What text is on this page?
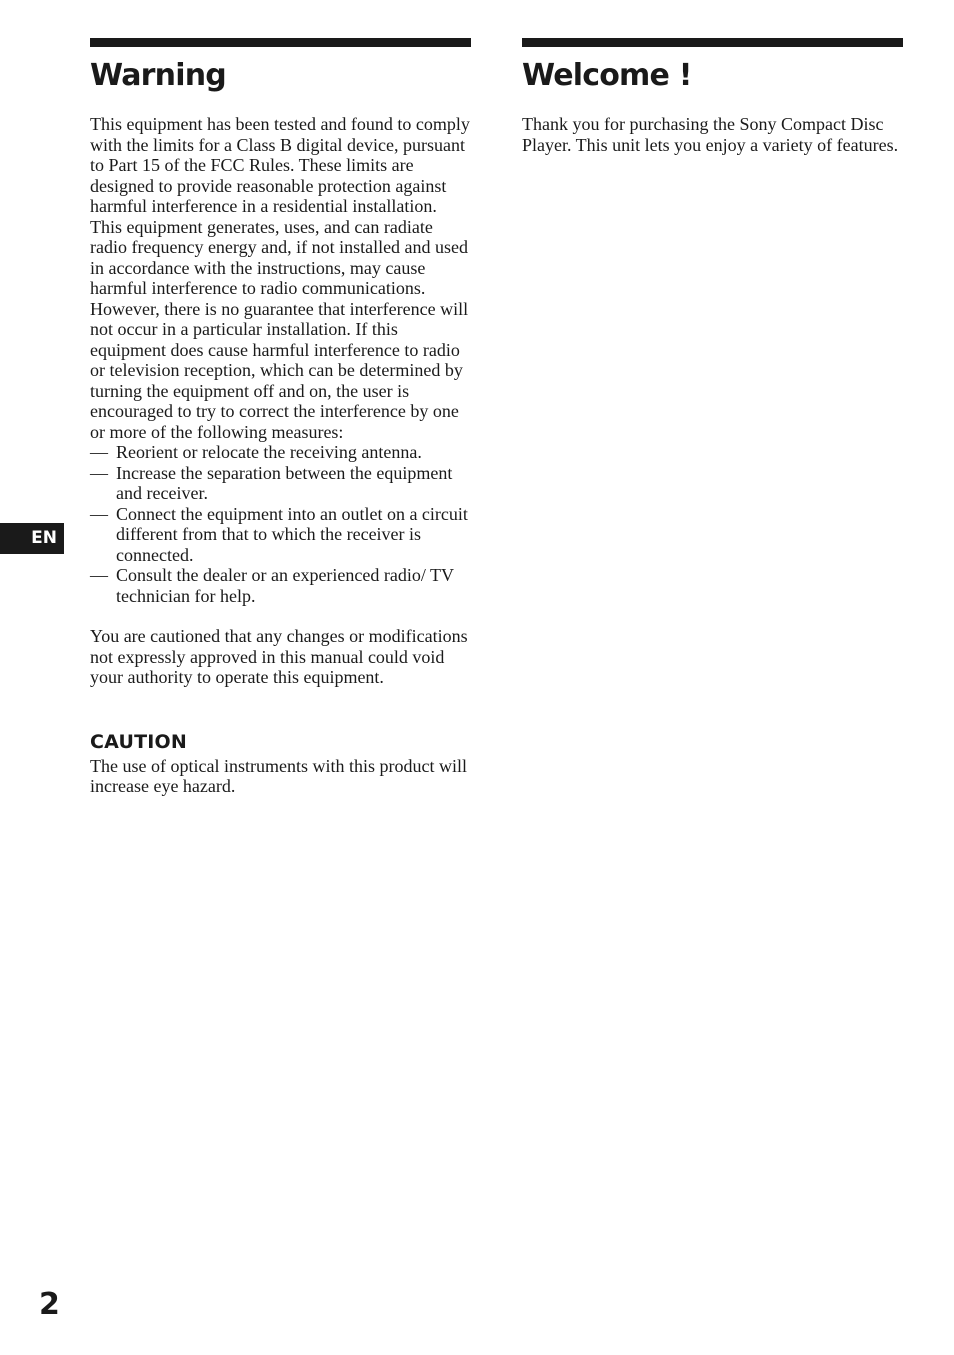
Warning

This equipment has been tested and found to comply with the limits for a Class B digital device, pursuant to Part 15 of the FCC Rules. These limits are designed to provide reasonable protection against harmful interference in a residential installation. This equipment generates, uses, and can radiate radio frequency energy and, if not installed and used in accordance with the instructions, may cause harmful interference to radio communications. However, there is no guarantee that interference will not occur in a particular installation. If this equipment does cause harmful interference to radio or television reception, which can be determined by turning the equipment off and on, the user is encouraged to try to correct the interference by one or more of the following measures:

— Reorient or relocate the receiving antenna.
— Increase the separation between the equipment and receiver.
— Connect the equipment into an outlet on a circuit different from that to which the receiver is connected.
— Consult the dealer or an experienced radio/ TV technician for help.

You are cautioned that any changes or modifications not expressly approved in this manual could void your authority to operate this equipment.

CAUTION

The use of optical instruments with this product will increase eye hazard.

Welcome !

Thank you for purchasing the Sony Compact Disc Player. This unit lets you enjoy a variety of features.

EN
2
